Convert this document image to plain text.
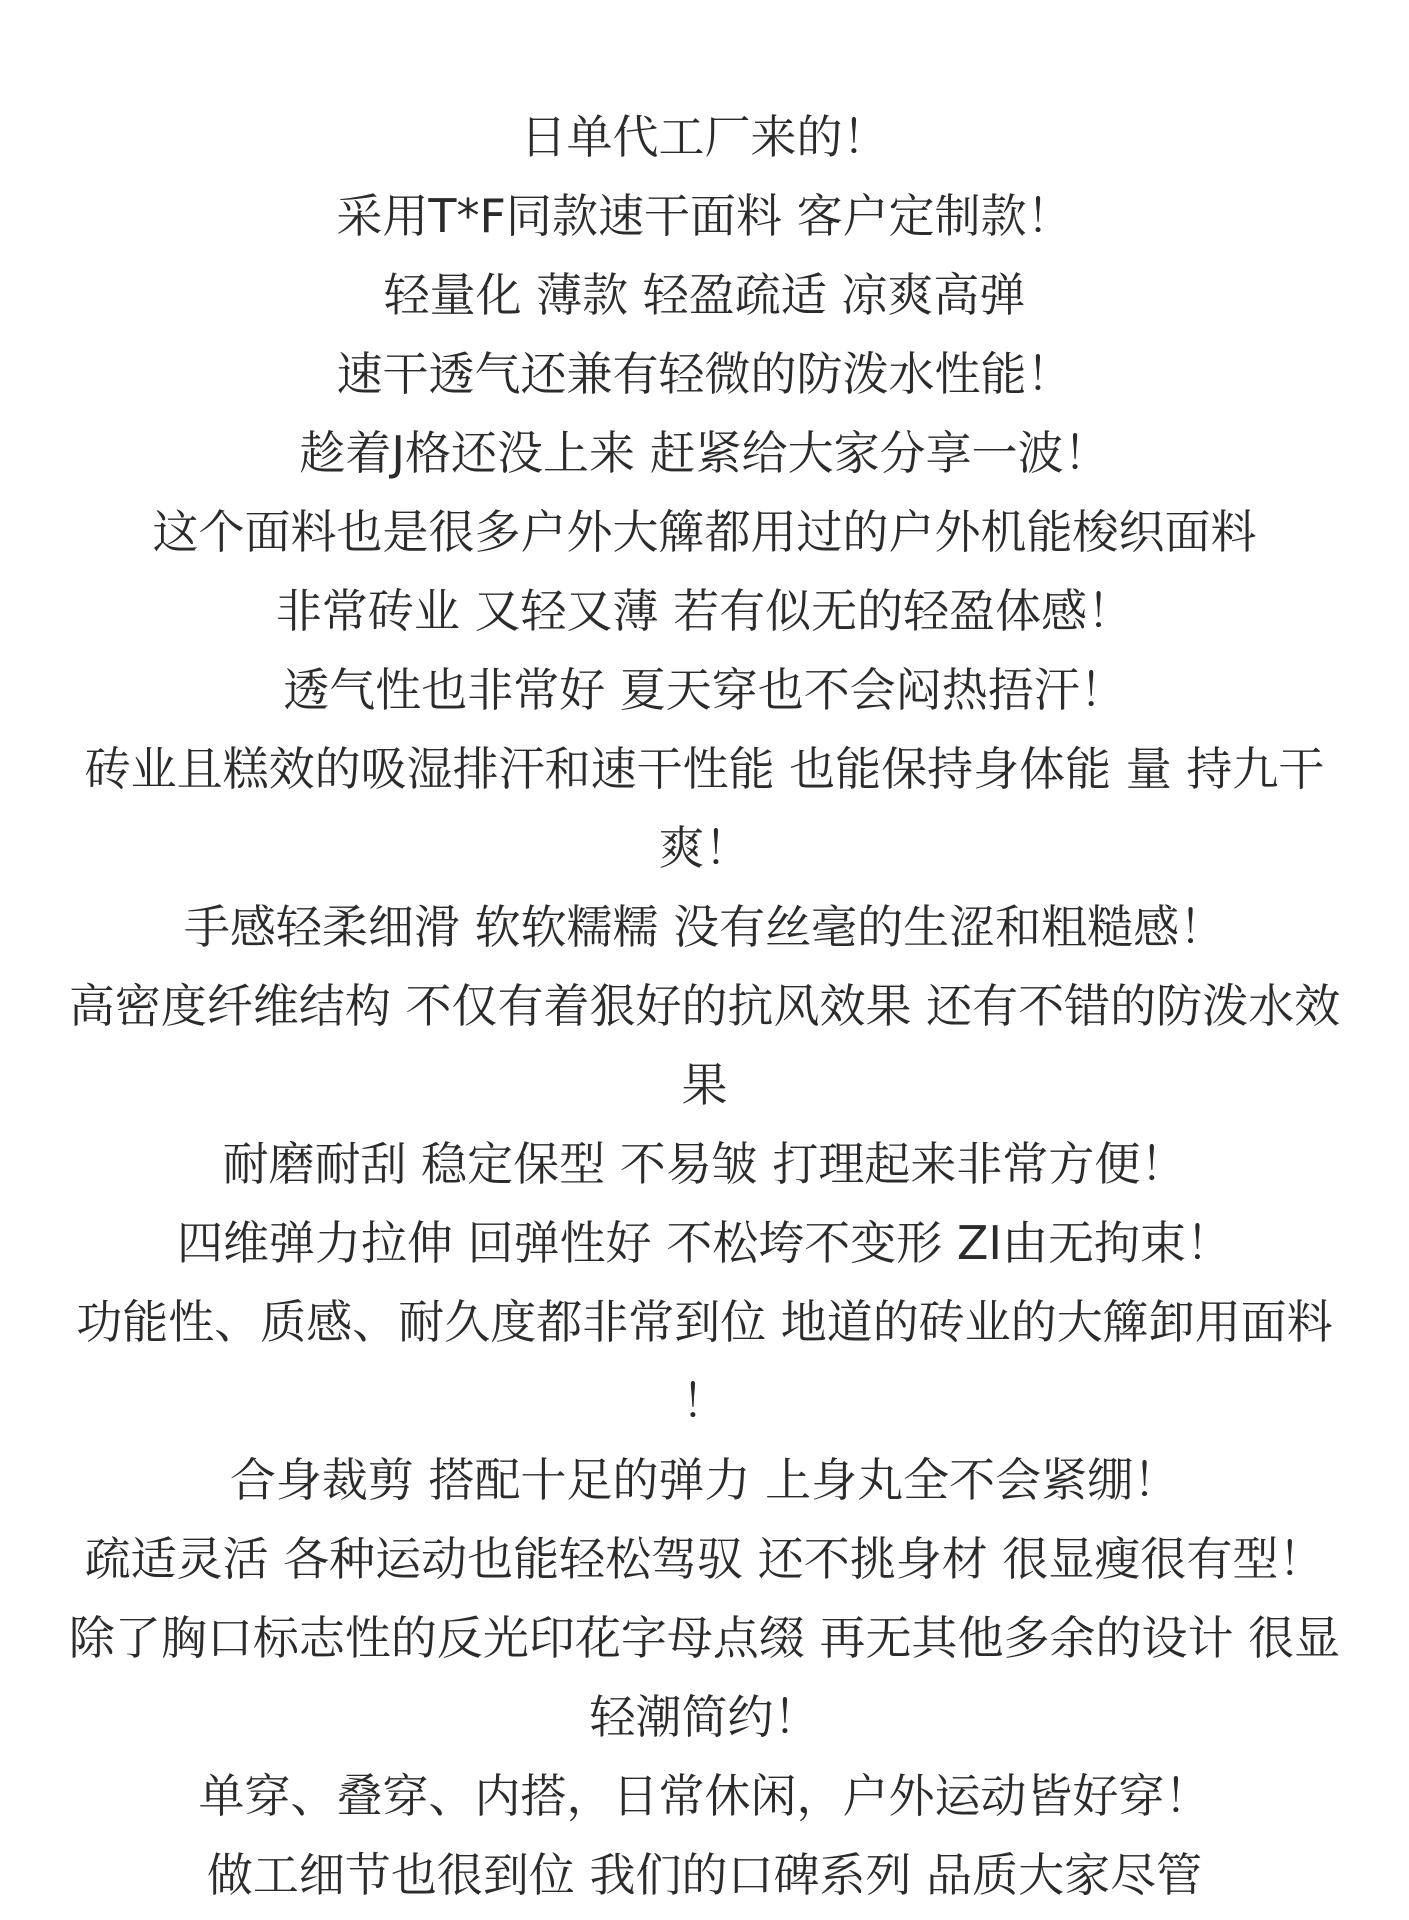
日单代工厂来的！
采用T*F同款速干面料 客户定制款！
轻量化 薄款 轻盈疏适 凉爽高弹
速干透气还兼有轻微的防泼水性能！
趁着J格还没上来 赶紧给大家分享一波！
这个面料也是很多户外大簰都用过的户外机能梭织面料
非常砖业 又轻又薄 若有似无的轻盈体感！
透气性也非常好 夏天穿也不会闷热捂汗！
砖业且糕效的吸湿排汗和速干性能 也能保持身体能 量 持九干
爽！
手感轻柔细滑 软软糯糯 没有丝毫的生涩和粗糙感！
高密度纤维结构 不仅有着狠好的抗风效果 还有不错的防泼水效
果
耐磨耐刮 稳定保型 不易皱 打理起来非常方便！
四维弹力拉伸 回弹性好 不松垮不变形 ZI由无拘束！
功能性、质感、耐久度都非常到位 地道的砖业的大簰卸用面料
！
合身裁剪 搭配十足的弹力 上身丸全不会紧绷！
疏适灵活 各种运动也能轻松驾驭 还不挑身材 很显瘦很有型！
除了胸口标志性的反光印花字母点缀 再无其他多余的设计 很显
轻潮简约！
单穿、叠穿、内搭，日常休闲，户外运动皆好穿！
做工细节也很到位 我们的口碑系列 品质大家尽管
